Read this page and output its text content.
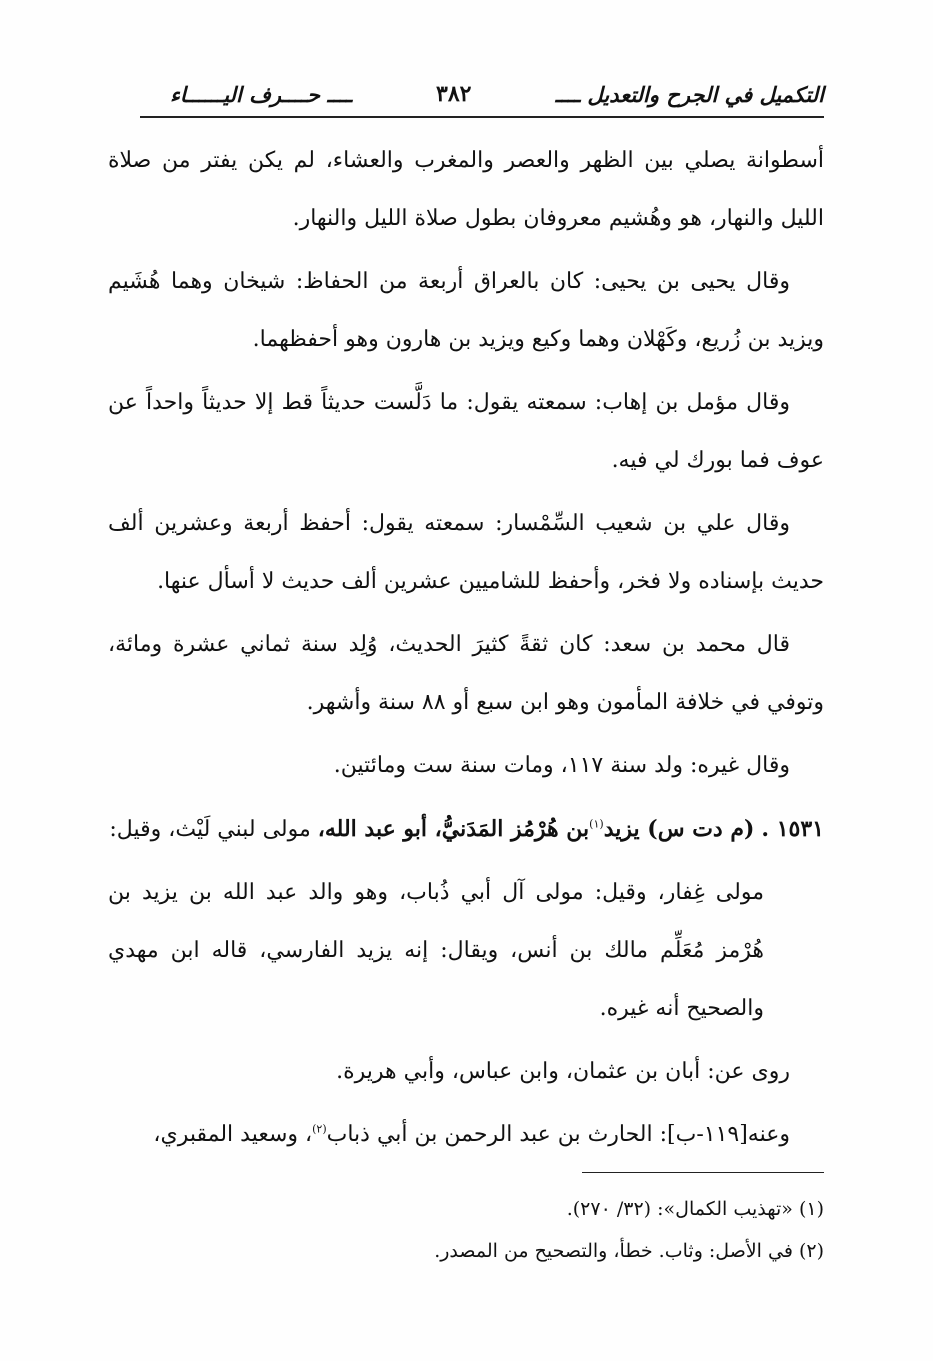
التكميل في الجرح والتعديل ــــ
٣٨٢
ــــ حــــرف اليــــــاء

أسطوانة يصلي بين الظهر والعصر والمغرب والعشاء، لم يكن يفتر من صلاة الليل والنهار، هو وهُشيم معروفان بطول صلاة الليل والنهار.

وقال يحيى بن يحيى: كان بالعراق أربعة من الحفاظ: شيخان وهما هُشَيم ويزيد بن زُريع، وكَهْلان وهما وكيع ويزيد بن هارون وهو أحفظهما.

وقال مؤمل بن إهاب: سمعته يقول: ما دَلَّست حديثاً قط إلا حديثاً واحداً عن عوف فما بورك لي فيه.

وقال علي بن شعيب السِّمْسار: سمعته يقول: أحفظ أربعة وعشرين ألف حديث بإسناده ولا فخر، وأحفظ للشاميين عشرين ألف حديث لا أسأل عنها.

قال محمد بن سعد: كان ثقةً كثيرَ الحديث، وُلِد سنة ثماني عشرة ومائة، وتوفي في خلافة المأمون وهو ابن سبع أو ٨٨ سنة وأشهر.

وقال غيره: ولد سنة ١١٧، ومات سنة ست ومائتين.

١٥٣١ . (م دت س) يزيد$^{(١)}$بن هُرْمُز المَدَنيُّ، أبو عبد الله، مولى لبني لَيْث، وقيل:

مولى غِفار، وقيل: مولى آل أبي ذُباب، وهو والد عبد الله بن يزيد بن هُرْمز مُعَلِّم مالك بن أنس، ويقال: إنه يزيد الفارسي، قاله ابن مهدي والصحيح أنه غيره.

روى عن: أبان بن عثمان، وابن عباس، وأبي هريرة.

وعنه[١١٩-ب]: الحارث بن عبد الرحمن بن أبي ذباب$^{(٢)}$، وسعيد المقبري،

(١) «تهذيب الكمال»: (٣٢/ ٢٧٠).
(٢) في الأصل: وثاب. خطأ، والتصحيح من المصدر.
